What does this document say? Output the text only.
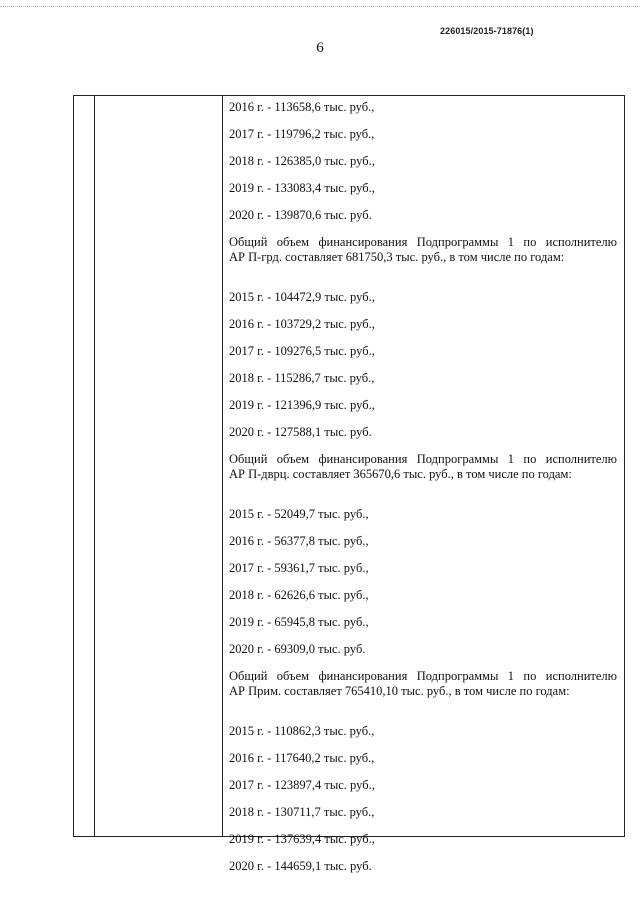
226015/2015-71876(1)
6
2016 г. - 113658,6 тыс. руб.,
2017 г. - 119796,2 тыс. руб.,
2018 г. - 126385,0 тыс. руб.,
2019 г. - 133083,4 тыс. руб.,
2020 г. - 139870,6 тыс. руб.
Общий объем финансирования Подпрограммы 1 по исполнителю
АР П-грд. составляет 681750,3 тыс. руб., в том числе по годам:
2015 г. - 104472,9 тыс. руб.,
2016 г. - 103729,2 тыс. руб.,
2017 г. - 109276,5 тыс. руб.,
2018 г. - 115286,7 тыс. руб.,
2019 г. - 121396,9 тыс. руб.,
2020 г. - 127588,1 тыс. руб.
Общий объем финансирования Подпрограммы 1 по исполнителю
АР П-дврц. составляет 365670,6 тыс. руб., в том числе по годам:
2015 г. - 52049,7 тыс. руб.,
2016 г. - 56377,8 тыс. руб.,
2017 г. - 59361,7 тыс. руб.,
2018 г. - 62626,6 тыс. руб.,
2019 г. - 65945,8 тыс. руб.,
2020 г. - 69309,0 тыс. руб.
Общий объем финансирования Подпрограммы 1 по исполнителю
АР Прим. составляет 765410,10 тыс. руб., в том числе по годам:
2015 г. - 110862,3 тыс. руб.,
2016 г. - 117640,2 тыс. руб.,
2017 г. - 123897,4 тыс. руб.,
2018 г. - 130711,7 тыс. руб.,
2019 г. - 137639,4 тыс. руб.,
2020 г. - 144659,1 тыс. руб.
